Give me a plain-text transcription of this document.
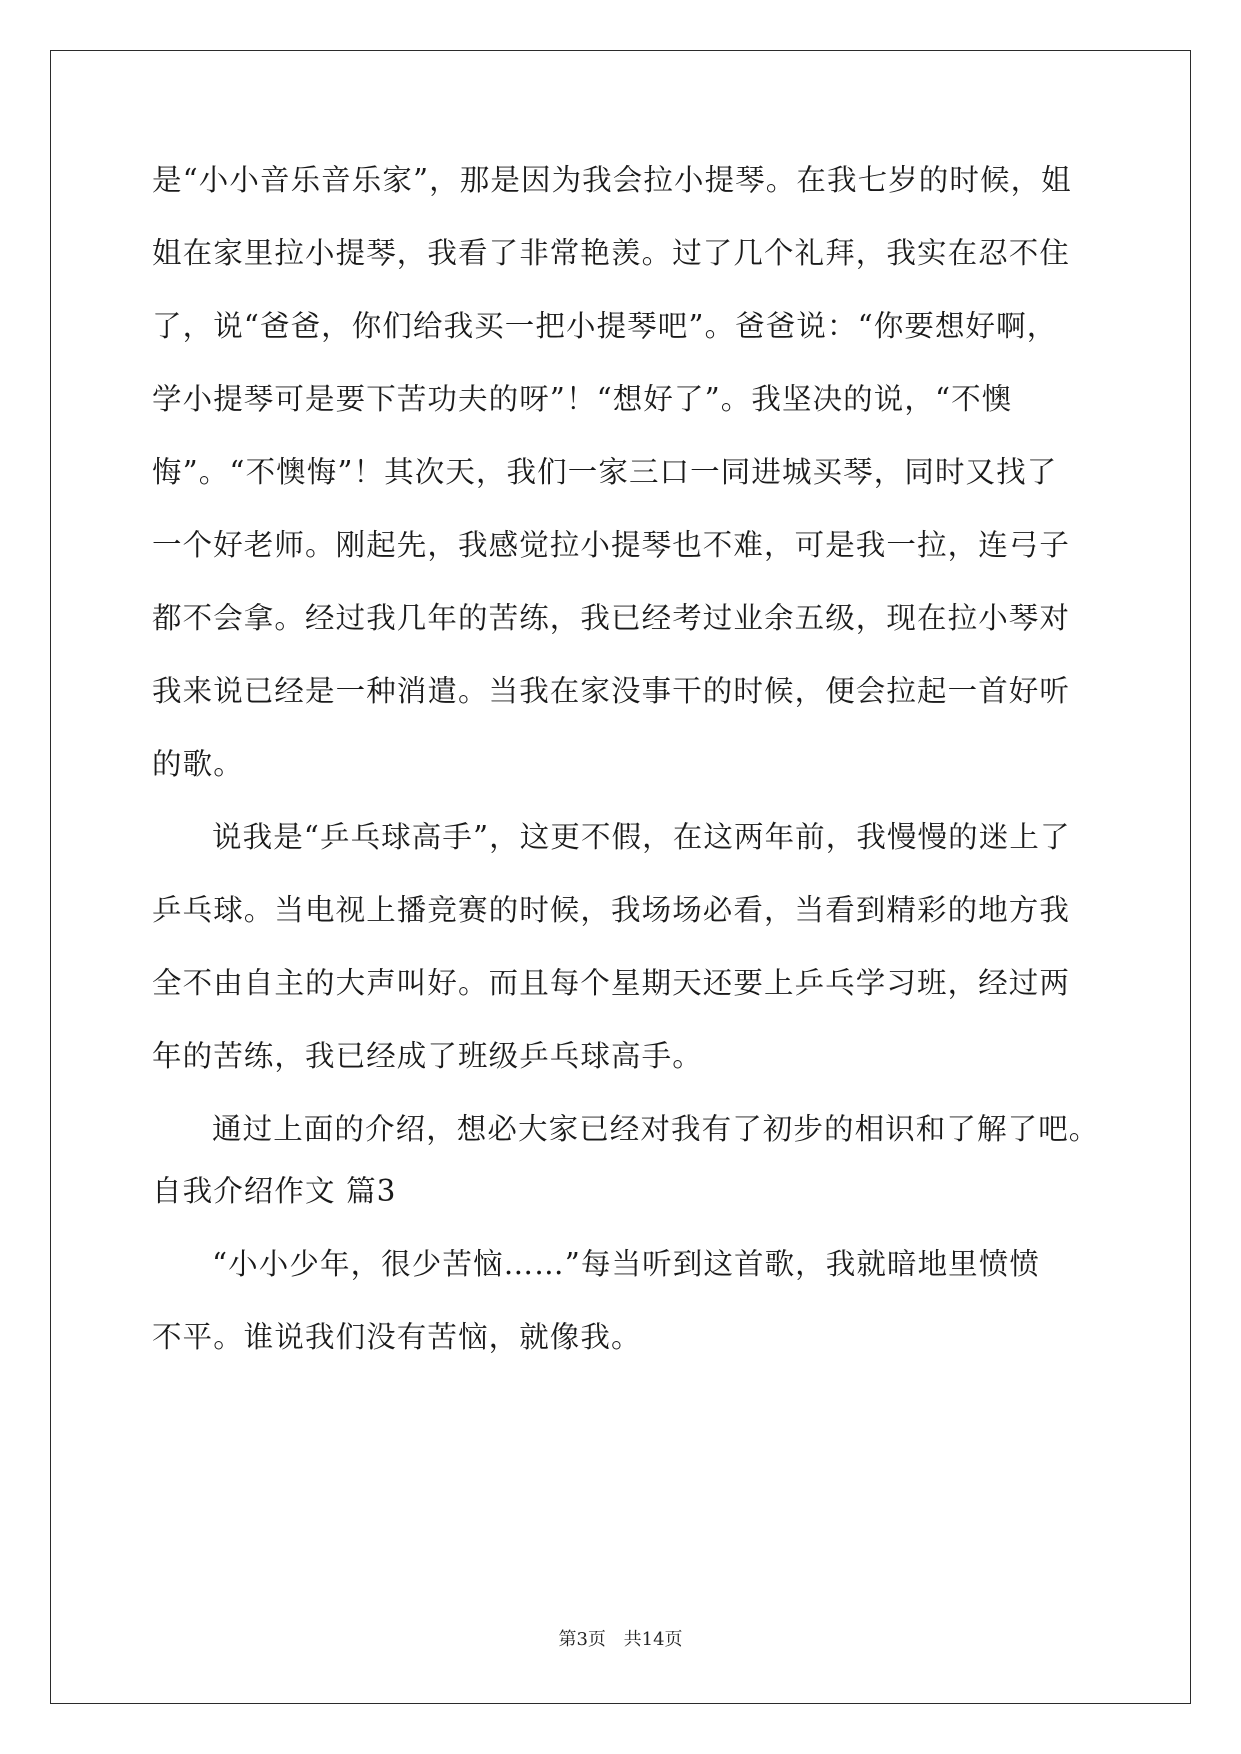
是“小小音乐音乐家”，那是因为我会拉小提琴。在我七岁的时候，姐
姐在家里拉小提琴，我看了非常艳羡。过了几个礼拜，我实在忍不住
了，说“爸爸，你们给我买一把小提琴吧”。爸爸说：“你要想好啊，
学小提琴可是要下苦功夫的呀”！“想好了”。我坚决的说，“不懊
悔”。“不懊悔”！其次天，我们一家三口一同进城买琴，同时又找了
一个好老师。刚起先，我感觉拉小提琴也不难，可是我一拉，连弓子
都不会拿。经过我几年的苦练，我已经考过业余五级，现在拉小琴对
我来说已经是一种消遣。当我在家没事干的时候，便会拉起一首好听
的歌。
说我是“乒乓球高手”，这更不假，在这两年前，我慢慢的迷上了
乒乓球。当电视上播竞赛的时候，我场场必看，当看到精彩的地方我
全不由自主的大声叫好。而且每个星期天还要上乒乓学习班，经过两
年的苦练，我已经成了班级乒乓球高手。
通过上面的介绍，想必大家已经对我有了初步的相识和了解了吧。
自我介绍作文 篇3
“小小少年，很少苦恼……”每当听到这首歌，我就暗地里愤愤
不平。谁说我们没有苦恼，就像我。
第3页 共14页
